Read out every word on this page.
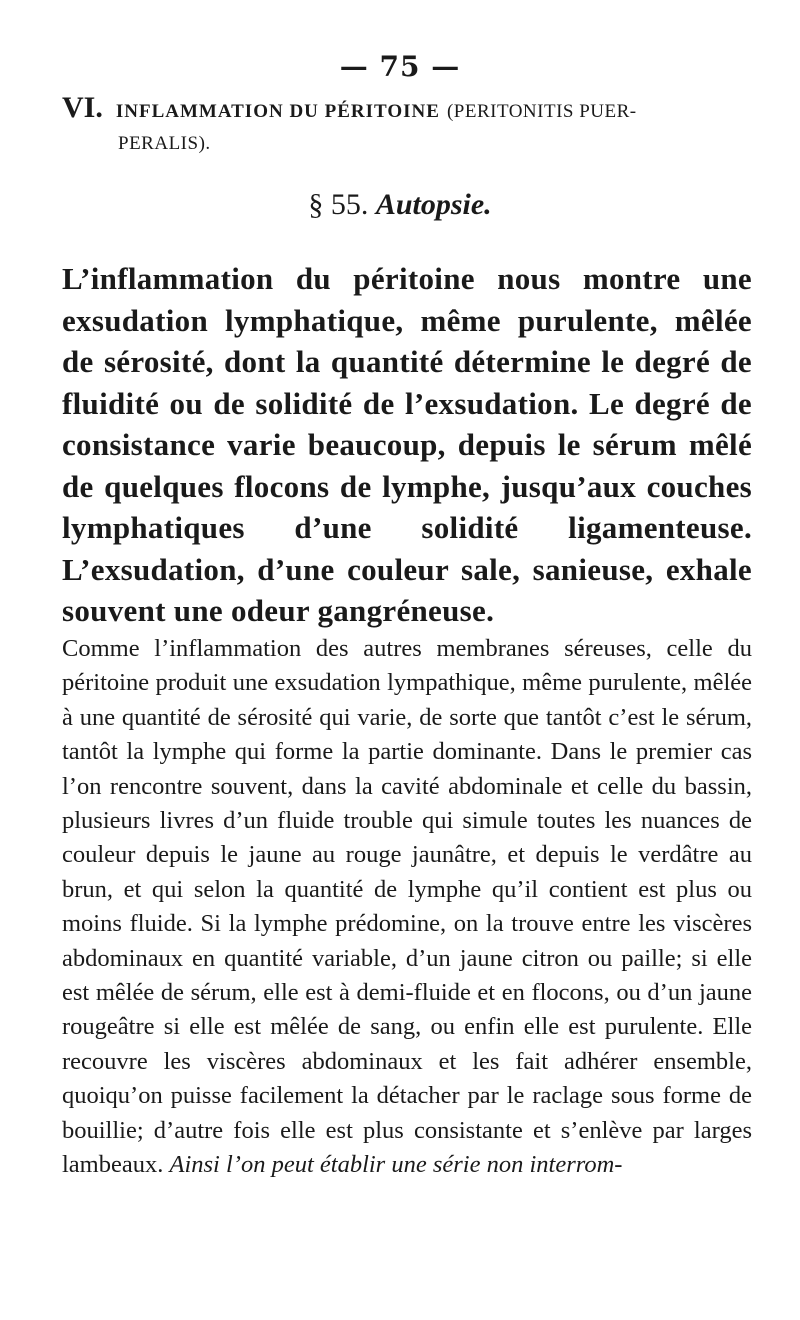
— 75 —
VI. INFLAMMATION DU PÉRITOINE (PERITONITIS PUER-
PERALIS).
§ 55. Autopsie.

L’inflammation du péritoine nous montre une exsudation lymphatique, même purulente, mêlée de sérosité, dont la quantité détermine le degré de fluidité ou de solidité de l’exsudation. Le degré de consistance varie beaucoup, depuis le sérum mêlé de quelques flocons de lymphe, jusqu’aux couches lymphatiques d’une solidité ligamenteuse. L’exsudation, d’une couleur sale, sanieuse, exhale souvent une odeur gangréneuse.

Comme l’inflammation des autres membranes séreuses, celle du péritoine produit une exsudation lympathique, même purulente, mêlée à une quantité de sérosité qui varie, de sorte que tantôt c’est le sérum, tantôt la lymphe qui forme la partie dominante. Dans le premier cas l’on rencontre souvent, dans la cavité abdominale et celle du bassin, plusieurs livres d’un fluide trouble qui simule toutes les nuances de couleur depuis le jaune au rouge jaunâtre, et depuis le verdâtre au brun, et qui selon la quantité de lymphe qu’il contient est plus ou moins fluide. Si la lymphe prédomine, on la trouve entre les viscères abdominaux en quantité variable, d’un jaune citron ou paille; si elle est mêlée de sérum, elle est à demi-fluide et en flocons, ou d’un jaune rougeâtre si elle est mêlée de sang, ou enfin elle est purulente. Elle recouvre les viscères abdominaux et les fait adhérer ensemble, quoiqu’on puisse facilement la détacher par le raclage sous forme de bouillie; d’autre fois elle est plus consistante et s’enlève par larges lambeaux. Ainsi l’on peut établir une série non interrom-
